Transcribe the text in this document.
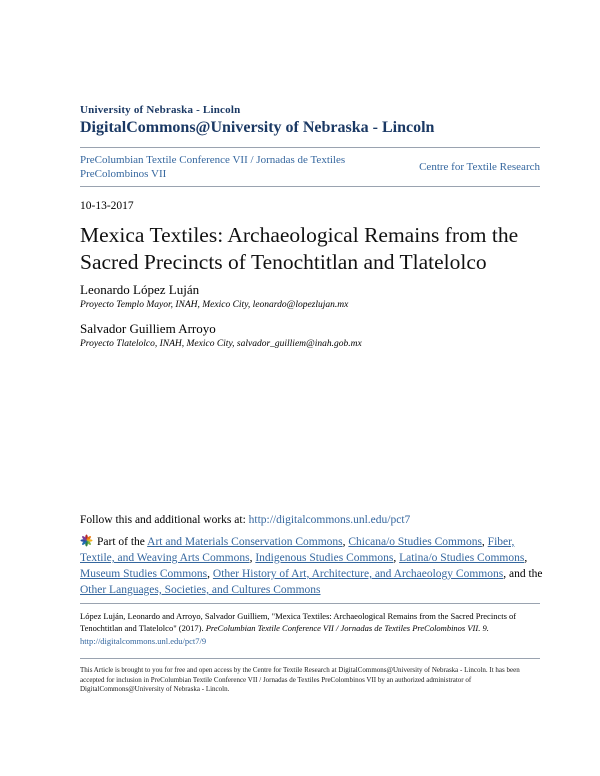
University of Nebraska - Lincoln
DigitalCommons@University of Nebraska - Lincoln
PreColumbian Textile Conference VII / Jornadas de Textiles PreColombinos VII
Centre for Textile Research
10-13-2017
Mexica Textiles: Archaeological Remains from the
Sacred Precincts of Tenochtitlan and Tlatelolco
Leonardo López Luján
Proyecto Templo Mayor, INAH, Mexico City, leonardo@lopezlujan.mx
Salvador Guilliem Arroyo
Proyecto Tlatelolco, INAH, Mexico City, salvador_guilliem@inah.gob.mx
Follow this and additional works at: http://digitalcommons.unl.edu/pct7
Part of the Art and Materials Conservation Commons, Chicana/o Studies Commons, Fiber, Textile, and Weaving Arts Commons, Indigenous Studies Commons, Latina/o Studies Commons, Museum Studies Commons, Other History of Art, Architecture, and Archaeology Commons, and the Other Languages, Societies, and Cultures Commons
López Luján, Leonardo and Arroyo, Salvador Guilliem, "Mexica Textiles: Archaeological Remains from the Sacred Precincts of Tenochtitlan and Tlatelolco" (2017). PreColumbian Textile Conference VII / Jornadas de Textiles PreColombinos VII. 9.
http://digitalcommons.unl.edu/pct7/9
This Article is brought to you for free and open access by the Centre for Textile Research at DigitalCommons@University of Nebraska - Lincoln. It has been accepted for inclusion in PreColumbian Textile Conference VII / Jornadas de Textiles PreColombinos VII by an authorized administrator of DigitalCommons@University of Nebraska - Lincoln.
